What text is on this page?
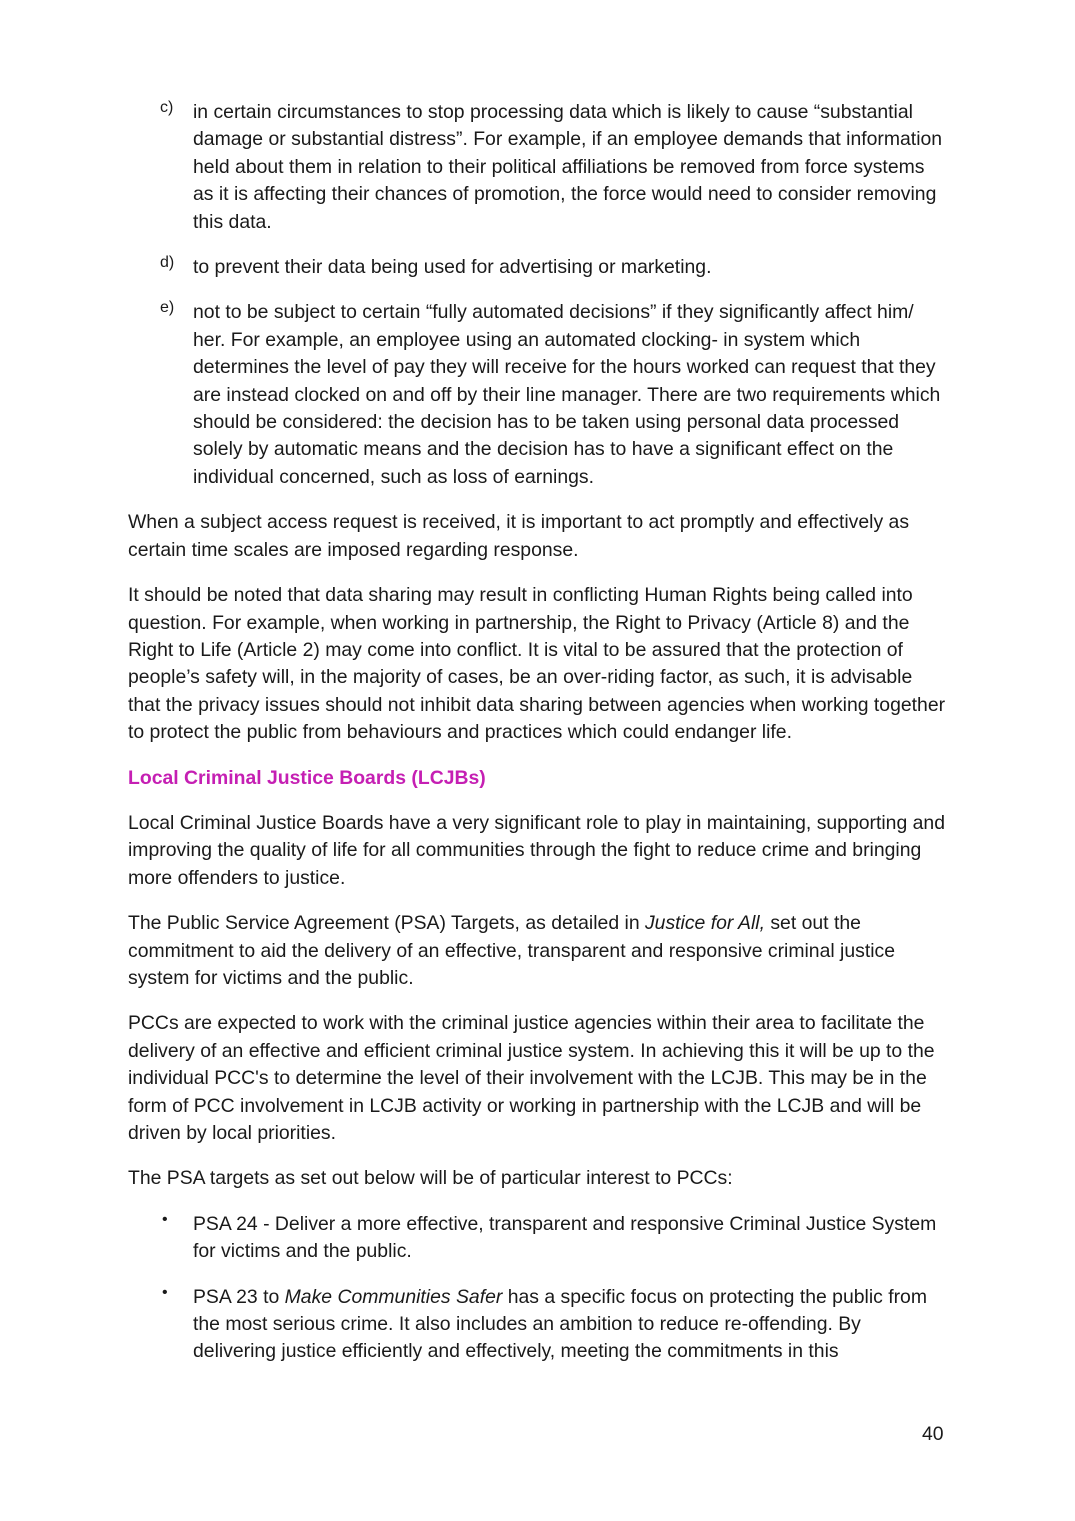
c)	in certain circumstances to stop processing data which is likely to cause “substantial damage or substantial distress”. For example, if an employee demands that information held about them in relation to their political affiliations be removed from force systems as it is affecting their chances of promotion, the force would need to consider removing this data.

d) to prevent their data being used for advertising or marketing.

e) not to be subject to certain “fully automated decisions” if they significantly affect him/ her. For example, an employee using an automated clocking- in system which determines the level of pay they will receive for the hours worked can request that they are instead clocked on and off by their line manager. There are two requirements which should be considered: the decision has to be taken using personal data processed solely by automatic means and the decision has to have a significant effect on the individual concerned, such as loss of earnings.

When a subject access request is received, it is important to act promptly and effectively as certain time scales are imposed regarding response.

It should be noted that data sharing may result in conflicting Human Rights being called into question. For example, when working in partnership, the Right to Privacy (Article 8) and the Right to Life (Article 2) may come into conflict. It is vital to be assured that the protection of people’s safety will, in the majority of cases, be an over-riding factor, as such, it is advisable that the privacy issues should not inhibit data sharing between agencies when working together to protect the public from behaviours and practices which could endanger life.

Local Criminal Justice Boards (LCJBs)

Local Criminal Justice Boards have a very significant role to play in maintaining, supporting and improving the quality of life for all communities through the fight to reduce crime and bringing more offenders to justice.

The Public Service Agreement (PSA) Targets, as detailed in Justice for All, set out the commitment to aid the delivery of an effective, transparent and responsive criminal justice system for victims and the public.

PCCs are expected to work with the criminal justice agencies within their area to facilitate the delivery of an effective and efficient criminal justice system. In achieving this it will be up to the individual PCC's to determine the level of their involvement with the LCJB. This may be in the form of PCC involvement in LCJB activity or working in partnership with the LCJB and will be driven by local priorities.

The PSA targets as set out below will be of particular interest to PCCs:

•	PSA 24 - Deliver a more effective, transparent and responsive Criminal Justice System for victims and the public.

•	PSA 23 to Make Communities Safer has a specific focus on protecting the public from the most serious crime. It also includes an ambition to reduce re-offending. By delivering justice efficiently and effectively, meeting the commitments in this

40
